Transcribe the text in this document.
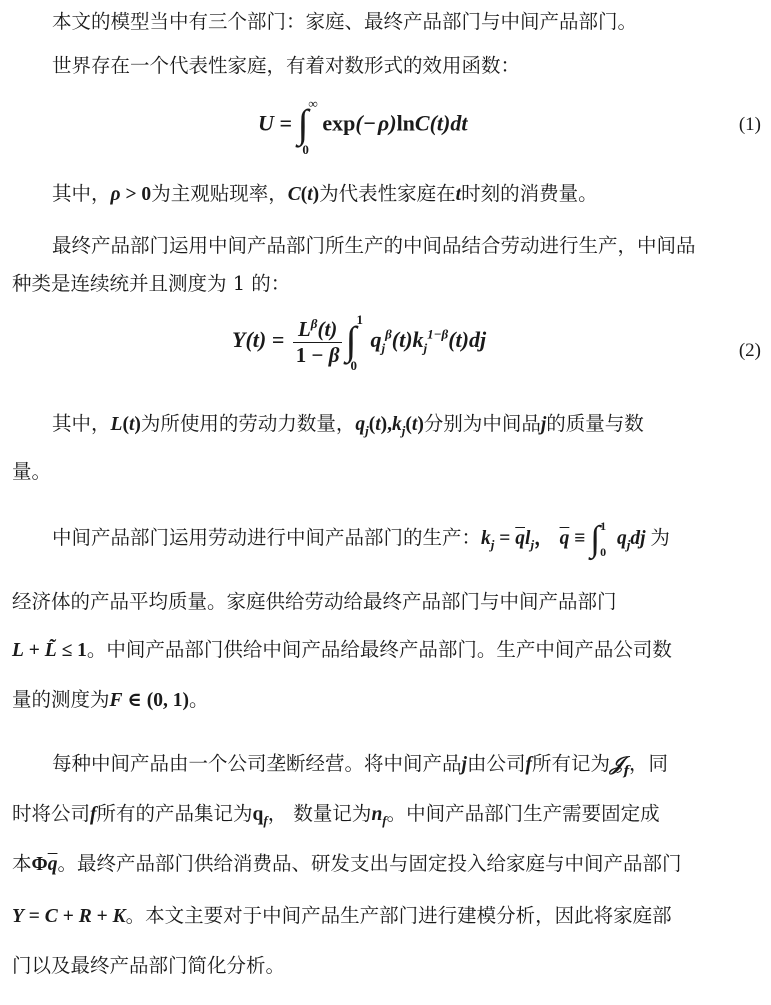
本文的模型当中有三个部门：家庭、最终产品部门与中间产品部门。
世界存在一个代表性家庭，有着对数形式的效用函数：
U = ∫ ∞
0
exp(− ρ)lnC(t)dt	(1)
其中，ρ > 0为主观贴现率，C(t)为代表性家庭在t时刻的消费量。
最终产品部门运用中间产品部门所生产的中间品结合劳动进行生产，中间品
种类是连续统并且测度为 1 的：
$Y(t) = \frac{L^\beta(t)}{1 - \beta}$ ∫ 1
0
$q_j^\beta(t)k_j^{1-\beta}(t)dj$	(2)
其中，L(t)为所使用的劳动力数量，$q_j(t),k_j(t)$分别为中间品j的质量与数
量。
中间产品部门运用劳动进行中间产品部门的生产：$k_j = \overline{q}l_j$， $\overline{q} \equiv \int^1_0$ $q_jdj$ 为
经济体的产品平均质量。家庭供给劳动给最终产品部门与中间产品部门
L + L̃ ≤ 1。中间产品部门供给中间产品给最终产品部门。生产中间产品公司数
量的测度为F ∈ (0, 1)。
每种中间产品由一个公司垄断经营。将中间产品j由公司f所有记为𝒥$_f$，同
时将公司f所有的产品集记为$q_f$， 数量记为$n_f$。中间产品部门生产需要固定成
本$\Phi\overline{q}$。最终产品部门供给消费品、研发支出与固定投入给家庭与中间产品部门
Y = C + R + K。本文主要对于中间产品生产部门进行建模分析，因此将家庭部
门以及最终产品部门简化分析。
